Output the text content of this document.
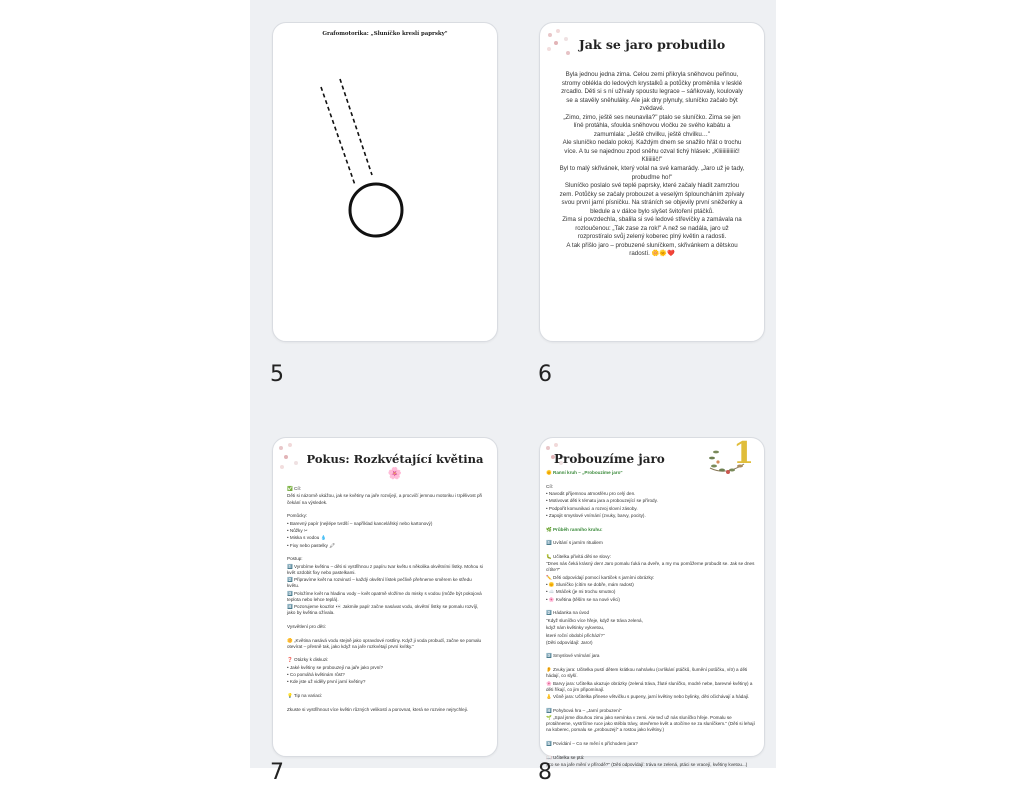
Grafomotorika: „Sluníčko kreslí paprsky"
5
Jak se jaro probudilo

Byla jednou jedna zima. Celou zemi přikryla sněhovou peřinou, stromy oblékla do ledových krystalků a potůčky proměnila v lesklé zrcadlo. Děti si s ní užívaly spoustu legrace – sáňkovaly, koulovaly se a stavěly sněhuláky. Ale jak dny plynuly, sluníčko začalo být zvědavé.

„Zimo, zimo, ještě ses neunavila?" ptalo se sluníčko. Zima se jen líně protáhla, sfoukla sněhovou vločku ze svého kabátu a zamumlala: „Ještě chvilku, ještě chvilku…"

Ale sluníčko nedalo pokoj. Každým dnem se snažilo hřát o trochu více. A tu se najednou zpod sněhu ozval tichý hlásek: „Kliiiiiiiiiiič! Kliiiiiič!"

Byl to malý skřivánek, který volal na své kamarády. „Jaro už je tady, probuďme ho!"

Sluníčko poslalo své teplé paprsky, které začaly hladit zamrzlou zem. Potůčky se začaly probouzet a veselým šplouncháním zpívaly svou první jarní písničku. Na stráních se objevily první sněženky a bledule a v dálce bylo slyšet švitoření ptáčků.

Zima si povzdechla, sbalila si své ledové střevíčky a zamávala na rozloučenou: „Tak zase za rok!" A než se nadála, jaro už rozprostíralo svůj zelený koberec plný květin a radosti.

A tak přišlo jaro – probuzené sluníčkem, skřivánkem a dětskou radostí. 🌼🌞❤️

6
Pokus: Rozkvétající květina 🌸

✅ Cíl:

Děti si názorně ukážou, jak se květiny na jaře rozvíjejí, a procvičí jemnou motoriku i trpělivost při čekání na výsledek.

Pomůcky:

• Barevný papír (nejlépe tvrdší – například kancelářský nebo kartonový)

• Nůžky ✂

• Miska s vodou 💧

• Fixy nebo pastelky 🖍

Postup:

1️⃣ Vyrobíme květinu – děti si vystřihnou z papíru tvar květu s několika okvětními lístky. Mohou si květ ozdobit fixy nebo pastelkami.

2️⃣ Připravíme květ na rozvinutí – každý okvětní lístek pečlivě přehneme směrem ke středu květu.

3️⃣ Položíme květ na hladinu vody – květ opatrně vložíme do misky s vodou (může být pokojová teplota nebo lehce teplá).

4️⃣ Pozorujeme kouzlo! 👀 Jakmile papír začne nasávat vodu, okvětní lístky se pomalu rozvíjí, jako by květina ožívala.

Vysvětlení pro děti:

🌼 „Květina nasává vodu stejně jako opravdové rostliny. Když ji voda probudí, začne se pomalu otevírat – přesně tak, jako když na jaře rozkvétají první kvítky."

❓ Otázky k diskuzi:

• Jaké květiny se probouzejí na jaře jako první?

• Co pomáhá květinám růst?

• Kde jste už viděly první jarní květiny?

💡 Tip na variaci:

Zkuste si vystřihnout více květin různých velikostí a porovnat, která se rozvine nejrychleji.

7
1
Probouzíme jaro

🌞 Ranní kruh – „Probouzíme jaro"

Cíl:

• Navodit příjemnou atmosféru pro celý den.

• Motivovat děti k tématu jara a probouzející se přírody.

• Podpořit komunikaci a rozvoj slovní zásoby.

• Zapojit smyslové vnímání (zvuky, barvy, pocity).

🌿 Průběh ranního kruhu:

1️⃣ Uvítání s jarním rituálem

🐛 Učitelka přivítá děti se slovy:

"Dnes nás čeká krásný den! Jaro pomalu ťuká na dveře, a my mu pomůžeme probudit se. Jak se dnes cítíte?"

✏️ Děti odpovídají pomocí kartiček s jarními obrázky:

• 🌞 Sluníčko (cítím se dobře, mám radost)

• ☁️ Mráček (je mi trochu smutno)

• 🌸 Květina (těším se na nové věci)

2️⃣ Hádanka na úvod

"Když sluníčko více hřeje, když se tráva zelená,

když nám květinky vykvetou,

které roční období přichází?"

(Děti odpovídají: Jaro!)

3️⃣ Smyslové vnímání jara

👂 Zvuky jara: Učitelka pustí dětem krátkou nahrávku (cvrlikání ptáčků, šumění potůčku, vítr) a děti hádají, co slyší.

🌸 Barvy jara: Učitelka ukazuje obrázky (zelená tráva, žluté sluníčko, modré nebe, barevné květiny) a děti říkají, co jim připomínají.

👃 Vůně jara: Učitelka přinese větvičku s pupeny, jarní květiny nebo bylinky, děti očichávají a hádají.

4️⃣ Pohybová hra – „Jarní probuzení"

🌱 „Spal jsme dlouhou zimu jako semínka v zemi. Ale teď už nás sluníčko hřeje. Pomalu se protáhneme, vystrčíme ruce jako stébla trávy, otevřeme květ a otočíme se za sluníčkem." (Děti si lehají na koberec, pomalu se „probouzejí" a rostou jako květiny.)

5️⃣ Povídání – Co se mění s příchodem jara?

📖 Učitelka se ptá:

„Co se na jaře mění v přírodě?" (Děti odpovídají: tráva se zelená, ptáci se vracejí, květiny kvetou...)

8
